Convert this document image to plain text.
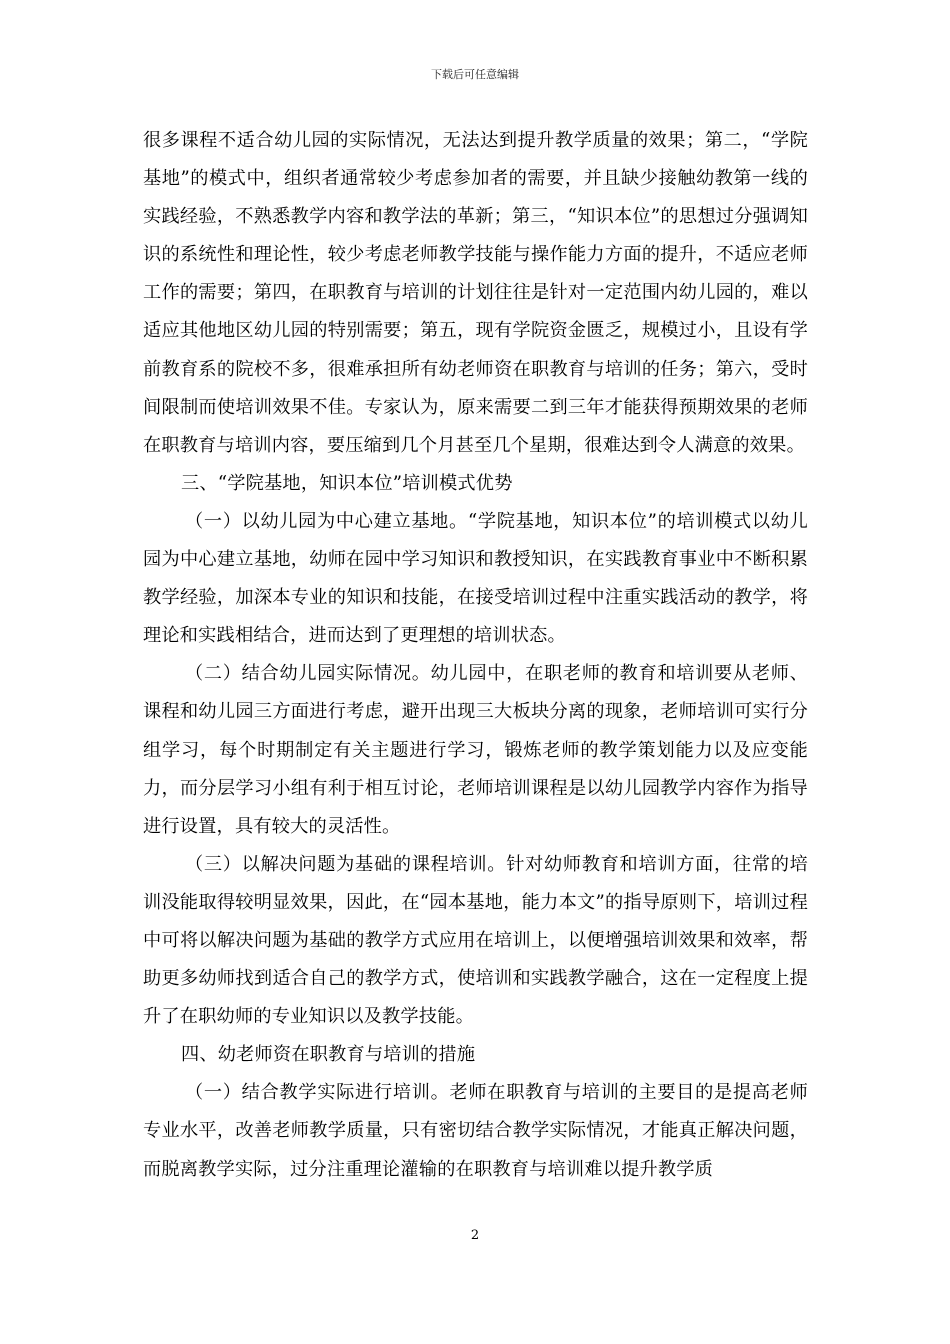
下载后可任意编辑

很多课程不适合幼儿园的实际情况，无法达到提升教学质量的效果；第二，“学院基地”的模式中，组织者通常较少考虑参加者的需要，并且缺少接触幼教第一线的实践经验，不熟悉教学内容和教学法的革新；第三，“知识本位”的思想过分强调知识的系统性和理论性，较少考虑老师教学技能与操作能力方面的提升，不适应老师工作的需要；第四，在职教育与培训的计划往往是针对一定范围内幼儿园的，难以适应其他地区幼儿园的特别需要；第五，现有学院资金匮乏，规模过小，且设有学前教育系的院校不多，很难承担所有幼老师资在职教育与培训的任务；第六，受时间限制而使培训效果不佳。专家认为，原来需要二到三年才能获得预期效果的老师在职教育与培训内容，要压缩到几个月甚至几个星期，很难达到令人满意的效果。

三、“学院基地，知识本位”培训模式优势

（一）以幼儿园为中心建立基地。“学院基地，知识本位”的培训模式以幼儿园为中心建立基地，幼师在园中学习知识和教授知识，在实践教育事业中不断积累教学经验，加深本专业的知识和技能，在接受培训过程中注重实践活动的教学，将理论和实践相结合，进而达到了更理想的培训状态。

（二）结合幼儿园实际情况。幼儿园中，在职老师的教育和培训要从老师、课程和幼儿园三方面进行考虑，避开出现三大板块分离的现象，老师培训可实行分组学习，每个时期制定有关主题进行学习，锻炼老师的教学策划能力以及应变能力，而分层学习小组有利于相互讨论，老师培训课程是以幼儿园教学内容作为指导进行设置，具有较大的灵活性。

（三）以解决问题为基础的课程培训。针对幼师教育和培训方面，往常的培训没能取得较明显效果，因此，在“园本基地，能力本文”的指导原则下，培训过程中可将以解决问题为基础的教学方式应用在培训上，以便增强培训效果和效率，帮助更多幼师找到适合自己的教学方式，使培训和实践教学融合，这在一定程度上提升了在职幼师的专业知识以及教学技能。

四、幼老师资在职教育与培训的措施

（一）结合教学实际进行培训。老师在职教育与培训的主要目的是提高老师专业水平，改善老师教学质量，只有密切结合教学实际情况，才能真正解决问题，而脱离教学实际，过分注重理论灌输的在职教育与培训难以提升教学质

2
